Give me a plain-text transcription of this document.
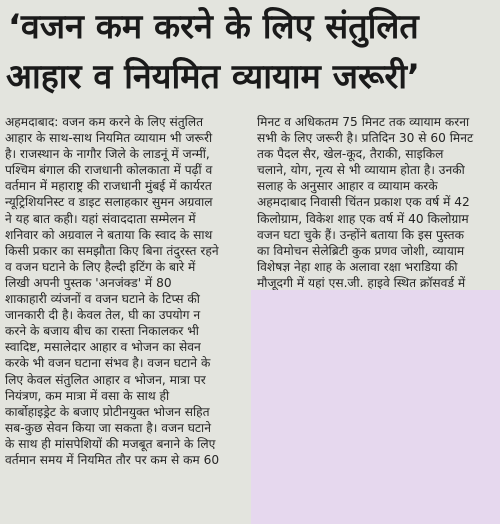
‘वजन कम करने के लिए संतुलित
आहार व नियमित व्यायाम जरूरी’
अहमदाबाद: वजन कम करने के लिए संतुलित
आहार के साथ-साथ नियमित व्यायाम भी जरूरी
है। राजस्थान के नागौर जिले के लाडनूं में जन्मीं,
पश्चिम बंगाल की राजधानी कोलकाता में पढ़ीं व
वर्तमान में महाराष्ट्र की राजधानी मुंबई में कार्यरत
न्यूट्रिशियनिस्ट व डाइट सलाहकार सुमन अग्रवाल
ने यह बात कही। यहां संवाददाता सम्मेलन में
शनिवार को अग्रवाल ने बताया कि स्वाद के साथ
किसी प्रकार का समझौता किए बिना तंदुरस्त रहने
व वजन घटाने के लिए हैल्दी इटिंग के बारे में
लिखी अपनी पुस्तक 'अनजंक्ड' में 80
शाकाहारी व्यंजनों व वजन घटाने के टिप्स की
जानकारी दी है। केवल तेल, घी का उपयोग न
करने के बजाय बीच का रास्ता निकालकर भी
स्वादिष्ट, मसालेदार आहार व भोजन का सेवन
करके भी वजन घटाना संभव है। वजन घटाने के
लिए केवल संतुलित आहार व भोजन, मात्रा पर
नियंत्रण, कम मात्रा में वसा के साथ ही
कार्बोहाइड्रेट के बजाए प्रोटीनयुक्त भोजन सहित
सब-कुछ सेवन किया जा सकता है। वजन घटाने
के साथ ही मांसपेशियों की मजबूत बनाने के लिए
वर्तमान समय में नियमित तौर पर कम से कम 60
मिनट व अधिकतम 75 मिनट तक व्यायाम करना
सभी के लिए जरूरी है। प्रतिदिन 30 से 60 मिनट
तक पैदल सैर, खेल-कूद, तैराकी, साइकिल
चलाने, योग, नृत्य से भी व्यायाम होता है। उनकी
सलाह के अनुसार आहार व व्यायाम करके
अहमदाबाद निवासी चिंतन प्रकाश एक वर्ष में 42
किलोग्राम, विकेश शाह एक वर्ष में 40 किलोग्राम
वजन घटा चुके हैं। उन्होंने बताया कि इस पुस्तक
का विमोचन सेलेब्रिटी कुक प्रणव जोशी, व्यायाम
विशेषज्ञ नेहा शाह के अलावा रक्षा भराडिया की
मौजूदगी में यहां एस.जी. हाइवे स्थित क्रॉसवर्ड में
